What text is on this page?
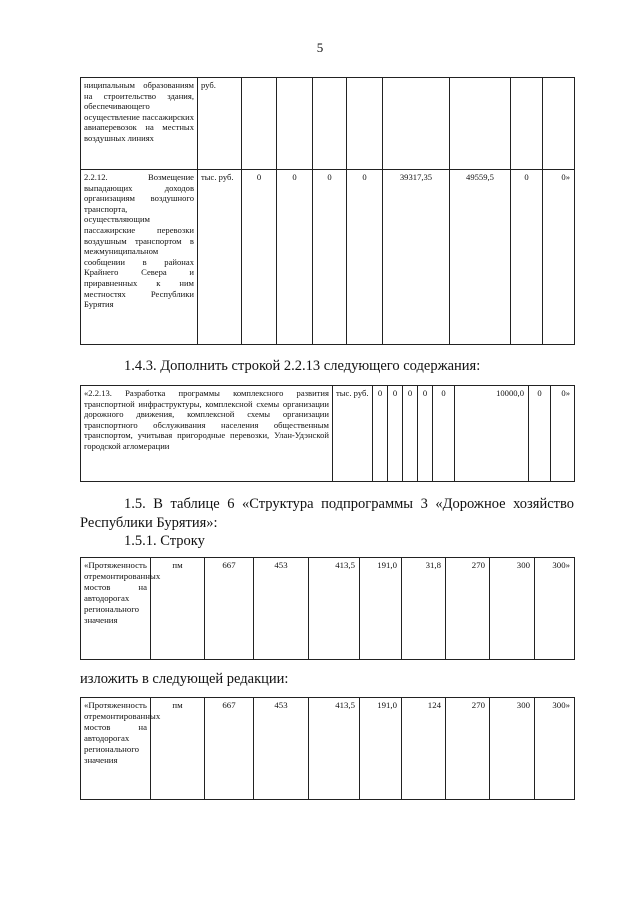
5
ниципальным образованиям на строительство здания, обеспечивающего осуществление пассажирских авиаперевозок на местных воздушных линиях	руб.								
2.2.12. Возмещение выпадающих доходов организациям воздушного транспорта, осуществляющим пассажирские перевозки воздушным транспортом в межмуниципальном сообщении в районах Крайнего Севера и приравненных к ним местностях Республики Бурятия	тыс. руб.	0	0	0	0	39317,35	49559,5	0	0»
1.4.3. Дополнить строкой 2.2.13 следующего содержания:
«2.2.13. Разработка программы комплексного развития транспортной инфраструктуры, комплексной схемы организации дорожного движения, комплексной схемы организации транспортного обслуживания населения общественным транспортом, учитывая пригородные перевозки, Улан-Удэнской городской агломерации	тыс. руб.	0	0	0	0	0	10000,0	0	0»
1.5. В таблице 6 «Структура подпрограммы 3 «Дорожное хозяйство Республики Бурятия»:
1.5.1. Строку
«Протяженность отремонтированных мостов на автодорогах регионального значения	пм	667	453	413,5	191,0	31,8	270	300	300»
изложить в следующей редакции:
«Протяженность отремонтированных мостов на автодорогах регионального значения	пм	667	453	413,5	191,0	124	270	300	300»
